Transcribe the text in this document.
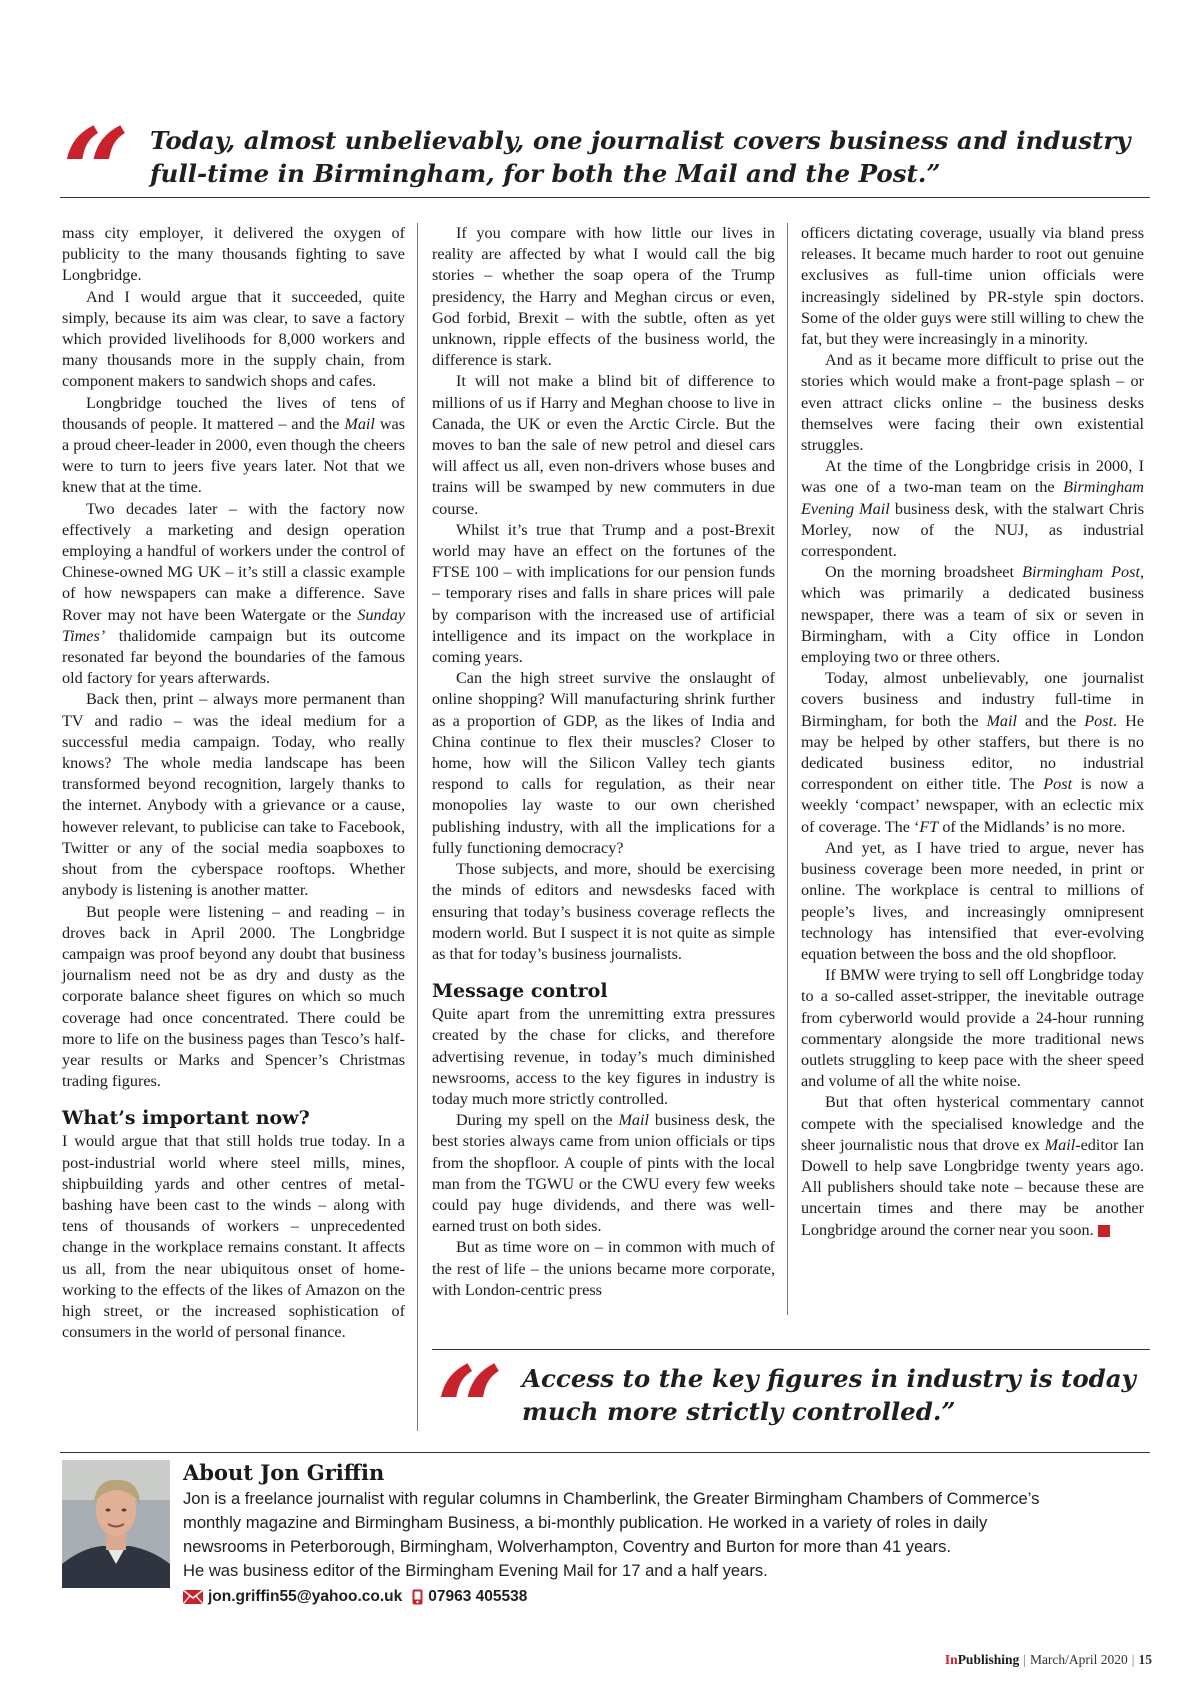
“ Today, almost unbelievably, one journalist covers business and industry full-time in Birmingham, for both the Mail and the Post.”

mass city employer, it delivered the oxygen of publicity to the many thousands fighting to save Longbridge.

And I would argue that it succeeded, quite simply, because its aim was clear, to save a factory which provided livelihoods for 8,000 workers and many thousands more in the supply chain, from component makers to sandwich shops and cafes.

Longbridge touched the lives of tens of thousands of people. It mattered – and the Mail was a proud cheer-leader in 2000, even though the cheers were to turn to jeers five years later. Not that we knew that at the time.

Two decades later – with the factory now effectively a marketing and design operation employing a handful of workers under the control of Chinese-owned MG UK – it’s still a classic example of how newspapers can make a difference. Save Rover may not have been Watergate or the Sunday Times’ thalidomide campaign but its outcome resonated far beyond the boundaries of the famous old factory for years afterwards.

Back then, print – always more permanent than TV and radio – was the ideal medium for a successful media campaign. Today, who really knows? The whole media landscape has been transformed beyond recognition, largely thanks to the internet. Anybody with a grievance or a cause, however relevant, to publicise can take to Facebook, Twitter or any of the social media soapboxes to shout from the cyberspace rooftops. Whether anybody is listening is another matter.

But people were listening – and reading – in droves back in April 2000. The Longbridge campaign was proof beyond any doubt that business journalism need not be as dry and dusty as the corporate balance sheet figures on which so much coverage had once concentrated. There could be more to life on the business pages than Tesco’s half-year results or Marks and Spencer’s Christmas trading figures.

What’s important now?

I would argue that that still holds true today. In a post-industrial world where steel mills, mines, shipbuilding yards and other centres of metal-bashing have been cast to the winds – along with tens of thousands of workers – unprecedented change in the workplace remains constant. It affects us all, from the near ubiquitous onset of home-working to the effects of the likes of Amazon on the high street, or the increased sophistication of consumers in the world of personal finance.

If you compare with how little our lives in reality are affected by what I would call the big stories – whether the soap opera of the Trump presidency, the Harry and Meghan circus or even, God forbid, Brexit – with the subtle, often as yet unknown, ripple effects of the business world, the difference is stark.

It will not make a blind bit of difference to millions of us if Harry and Meghan choose to live in Canada, the UK or even the Arctic Circle. But the moves to ban the sale of new petrol and diesel cars will affect us all, even non-drivers whose buses and trains will be swamped by new commuters in due course.

Whilst it’s true that Trump and a post-Brexit world may have an effect on the fortunes of the FTSE 100 – with implications for our pension funds – temporary rises and falls in share prices will pale by comparison with the increased use of artificial intelligence and its impact on the workplace in coming years.

Can the high street survive the onslaught of online shopping? Will manufacturing shrink further as a proportion of GDP, as the likes of India and China continue to flex their muscles? Closer to home, how will the Silicon Valley tech giants respond to calls for regulation, as their near monopolies lay waste to our own cherished publishing industry, with all the implications for a fully functioning democracy?

Those subjects, and more, should be exercising the minds of editors and newsdesks faced with ensuring that today’s business coverage reflects the modern world. But I suspect it is not quite as simple as that for today’s business journalists.

Message control

Quite apart from the unremitting extra pressures created by the chase for clicks, and therefore advertising revenue, in today’s much diminished newsrooms, access to the key figures in industry is today much more strictly controlled.

During my spell on the Mail business desk, the best stories always came from union officials or tips from the shopfloor. A couple of pints with the local man from the TGWU or the CWU every few weeks could pay huge dividends, and there was well-earned trust on both sides.

But as time wore on – in common with much of the rest of life – the unions became more corporate, with London-centric press

officers dictating coverage, usually via bland press releases. It became much harder to root out genuine exclusives as full-time union officials were increasingly sidelined by PR-style spin doctors. Some of the older guys were still willing to chew the fat, but they were increasingly in a minority.

And as it became more difficult to prise out the stories which would make a front-page splash – or even attract clicks online – the business desks themselves were facing their own existential struggles.

At the time of the Longbridge crisis in 2000, I was one of a two-man team on the Birmingham Evening Mail business desk, with the stalwart Chris Morley, now of the NUJ, as industrial correspondent.

On the morning broadsheet Birmingham Post, which was primarily a dedicated business newspaper, there was a team of six or seven in Birmingham, with a City office in London employing two or three others.

Today, almost unbelievably, one journalist covers business and industry full-time in Birmingham, for both the Mail and the Post. He may be helped by other staffers, but there is no dedicated business editor, no industrial correspondent on either title. The Post is now a weekly ‘compact’ newspaper, with an eclectic mix of coverage. The ‘FT of the Midlands’ is no more.

And yet, as I have tried to argue, never has business coverage been more needed, in print or online. The workplace is central to millions of people’s lives, and increasingly omnipresent technology has intensified that ever-evolving equation between the boss and the old shopfloor.

If BMW were trying to sell off Longbridge today to a so-called asset-stripper, the inevitable outrage from cyberworld would provide a 24-hour running commentary alongside the more traditional news outlets struggling to keep pace with the sheer speed and volume of all the white noise.

But that often hysterical commentary cannot compete with the specialised knowledge and the sheer journalistic nous that drove ex Mail-editor Ian Dowell to help save Longbridge twenty years ago. All publishers should take note – because these are uncertain times and there may be another Longbridge around the corner near you soon. ✖

“ Access to the key figures in industry is today much more strictly controlled.”
About Jon Griffin
Jon is a freelance journalist with regular columns in Chamberlink, the Greater Birmingham Chambers of Commerce’s
monthly magazine and Birmingham Business, a bi-monthly publication. He worked in a variety of roles in daily
newsrooms in Peterborough, Birmingham, Wolverhampton, Coventry and Burton for more than 41 years.
He was business editor of the Birmingham Evening Mail for 17 and a half years.
jon.griffin55@yahoo.co.uk 07963 405538
InPublishing | March/April 2020 | 15
